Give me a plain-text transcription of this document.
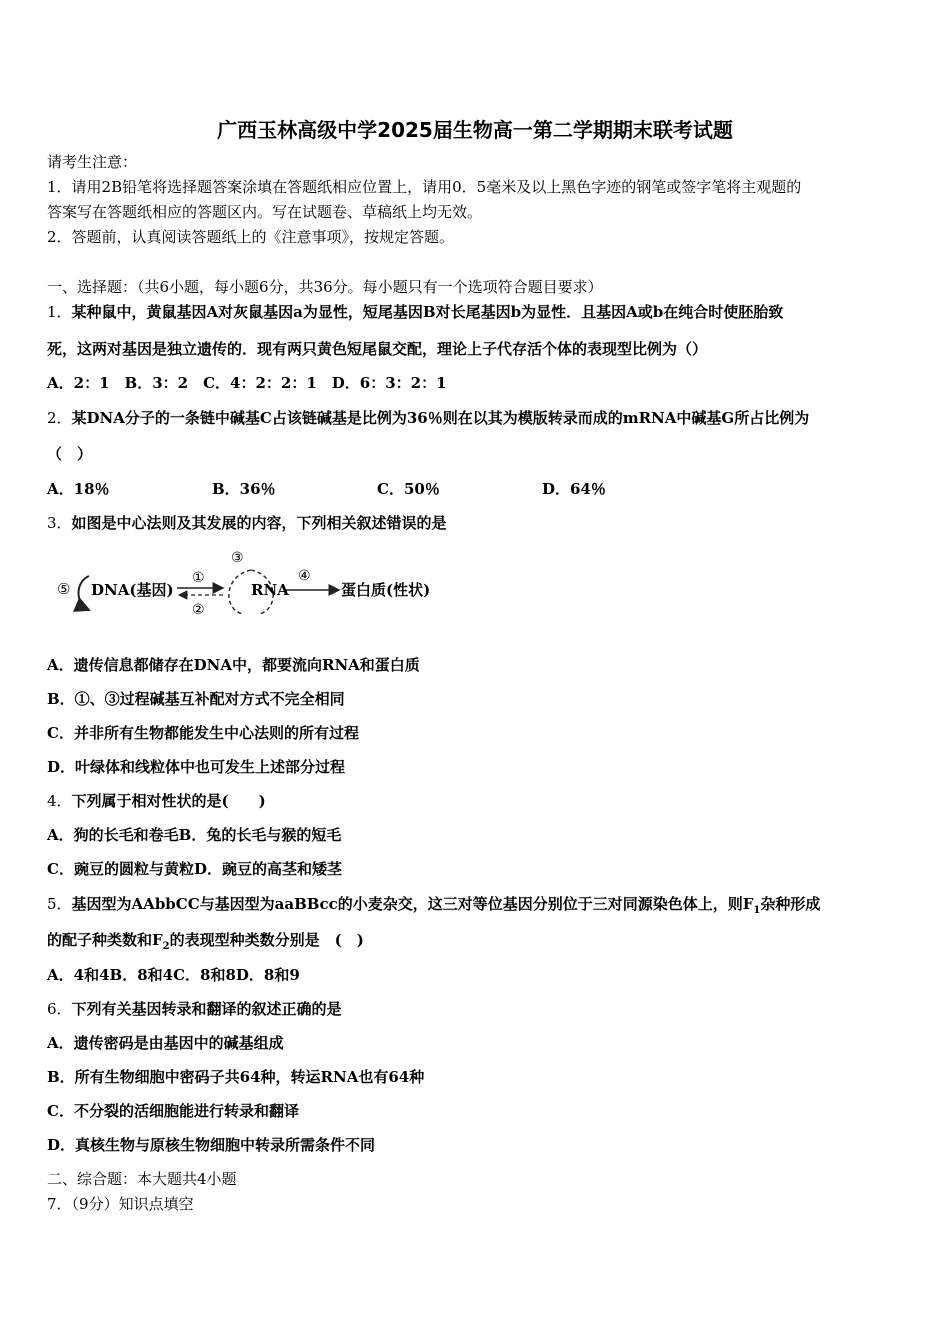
广西玉林高级中学2025届生物高一第二学期期末联考试题
请考生注意：
1．请用2B铅笔将选择题答案涂填在答题纸相应位置上，请用0．5毫米及以上黑色字迹的钢笔或签字笔将主观题的
答案写在答题纸相应的答题区内。写在试题卷、草稿纸上均无效。
2．答题前，认真阅读答题纸上的《注意事项》，按规定答题。
一、选择题：（共6小题，每小题6分，共36分。每小题只有一个选项符合题目要求）
1．某种鼠中，黄鼠基因A对灰鼠基因a为显性，短尾基因B对长尾基因b为显性．且基因A或b在纯合时使胚胎致
死，这两对基因是独立遗传的．现有两只黄色短尾鼠交配，理论上子代存活个体的表现型比例为（）
A．2：1　B．3：2　C．4：2：2：1　D．6：3：2：1
2．某DNA分子的一条链中碱基C占该链碱基是比例为36％则在以其为模版转录而成的mRNA中碱基G所占比例为
（　）
A．18％	B．36％	C．50％	D．64％
3．如图是中心法则及其发展的内容，下列相关叙述错误的是
⑤ DNA(基因)
①
②
③
RNA
④
蛋白质(性状)
A．遗传信息都储存在DNA中，都要流向RNA和蛋白质
B．①、③过程碱基互补配对方式不完全相同
C．并非所有生物都能发生中心法则的所有过程
D．叶绿体和线粒体中也可发生上述部分过程
4．下列属于相对性状的是(　　)
A．狗的长毛和卷毛B．兔的长毛与猴的短毛
C．豌豆的圆粒与黄粒D．豌豆的高茎和矮茎
5．基因型为AAbbCC与基因型为aaBBcc的小麦杂交，这三对等位基因分别位于三对同源染色体上，则$F_1$杂种形成
的配子种类数和$F_2$的表现型种类数分别是　(　)
A．4和4B．8和4C．8和8D．8和9
6．下列有关基因转录和翻译的叙述正确的是
A．遗传密码是由基因中的碱基组成
B．所有生物细胞中密码子共64种，转运RNA也有64种
C．不分裂的活细胞能进行转录和翻译
D．真核生物与原核生物细胞中转录所需条件不同
二、综合题：本大题共4小题
7．（9分）知识点填空
